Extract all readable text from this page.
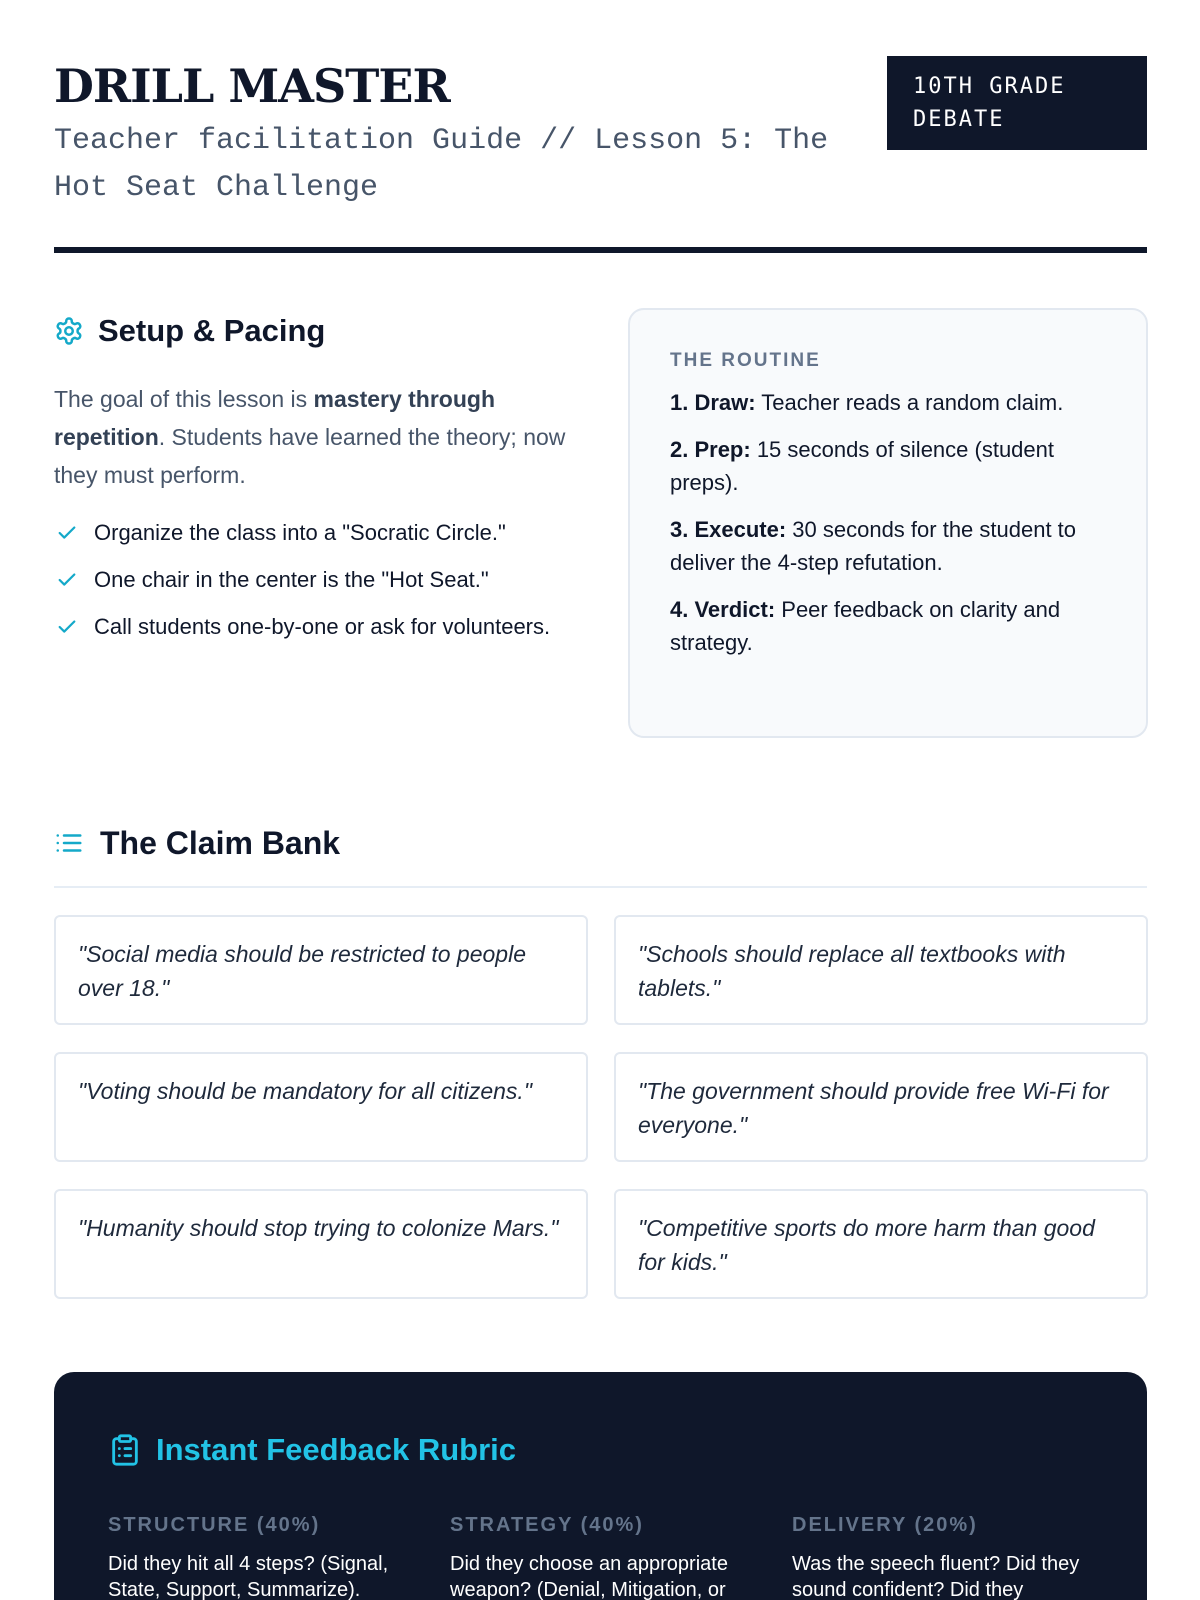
DRILL MASTER
Teacher facilitation Guide // Lesson 5: The Hot Seat Challenge
10TH GRADE DEBATE
Setup & Pacing

The goal of this lesson is mastery through repetition. Students have learned the theory; now they must perform.

Organize the class into a "Socratic Circle."
One chair in the center is the "Hot Seat."
Call students one-by-one or ask for volunteers.
THE ROUTINE
1. Draw: Teacher reads a random claim.
2. Prep: 15 seconds of silence (student preps).
3. Execute: 30 seconds for the student to deliver the 4-step refutation.
4. Verdict: Peer feedback on clarity and strategy.
The Claim Bank
"Social media should be restricted to people over 18."
"Schools should replace all textbooks with tablets."
"Voting should be mandatory for all citizens."	"The government should provide free Wi-Fi for everyone."
"Humanity should stop trying to colonize Mars."	"Competitive sports do more harm than good for kids."
Instant Feedback Rubric
STRUCTURE (40%)
Did they hit all 4 steps? (Signal, State, Support, Summarize).
STRATEGY (40%)
Did they choose an appropriate weapon? (Denial, Mitigation, or
DELIVERY (20%)
Was the speech fluent? Did they sound confident? Did they
